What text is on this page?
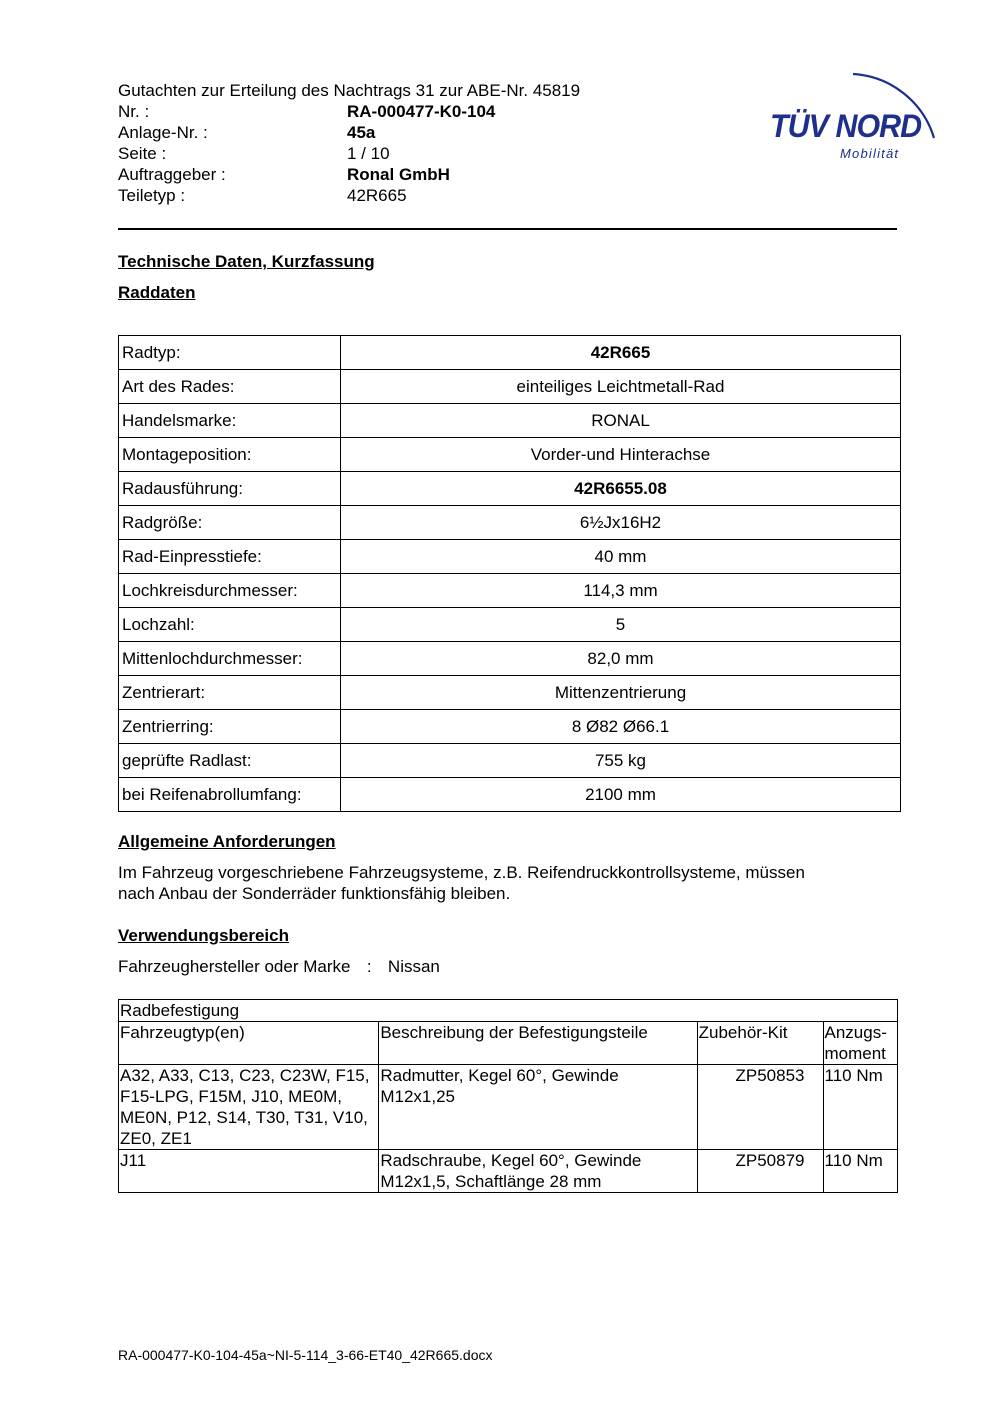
Gutachten zur Erteilung des Nachtrags 31 zur ABE-Nr. 45819
Nr. :	RA-000477-K0-104
Anlage-Nr. :	45a
Seite :	1 / 10
Auftraggeber :	Ronal GmbH
Teiletyp :	42R665
TÜV NORD
Mobilität
Technische Daten, Kurzfassung
Raddaten
Radtyp:	42R665
Art des Rades:	einteiliges Leichtmetall-Rad
Handelsmarke:	RONAL
Montageposition:	Vorder-und Hinterachse
Radausführung:	42R6655.08
Radgröße:	6½Jx16H2
Rad-Einpresstiefe:	40 mm
Lochkreisdurchmesser:	114,3 mm
Lochzahl:	5
Mittenlochdurchmesser:	82,0 mm
Zentrierart:	Mittenzentrierung
Zentrierring:	8 Ø82 Ø66.1
geprüfte Radlast:	755 kg
bei Reifenabrollumfang:	2100 mm
Allgemeine Anforderungen
Im Fahrzeug vorgeschriebene Fahrzeugsysteme, z.B. Reifendruckkontrollsysteme, müssen
nach Anbau der Sonderräder funktionsfähig bleiben.
Verwendungsbereich
Fahrzeughersteller oder Marke : Nissan
Radbefestigung			
Fahrzeugtyp(en)	Beschreibung der Befestigungsteile	Zubehör-Kit	Anzugs-
moment

A32, A33, C13, C23, C23W, F15, F15-LPG, F15M, J10, ME0M, ME0N, P12, S14, T30, T31, V10, ZE0, ZE1	Radmutter, Kegel 60°, Gewinde M12x1,25	ZP50853	110 Nm
J11	Radschraube, Kegel 60°, Gewinde M12x1,5, Schaftlänge 28 mm	ZP50879	110 Nm
RA-000477-K0-104-45a~NI-5-114_3-66-ET40_42R665.docx
